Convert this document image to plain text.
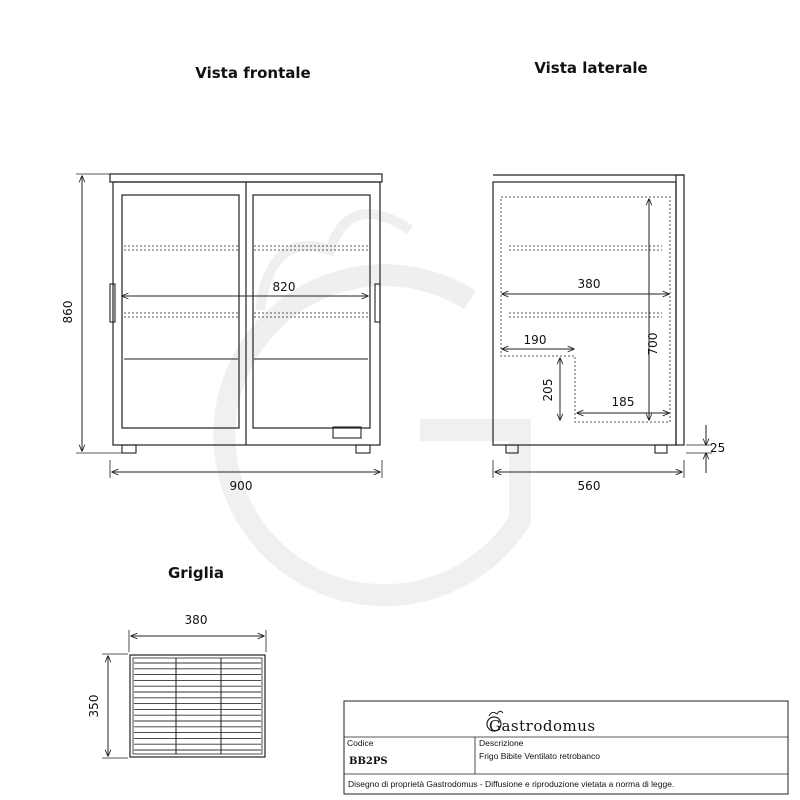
Vista frontale	Vista laterale
Griglia
820
860
900
380
700
190
205
185
25
560
380
350
Gastrodomus
Codice
BB2PS
Descrizione
Frigo Bibite Ventilato retrobanco
Disegno di proprietà Gastrodomus - Diffusione e riproduzione vietata a norma di legge.
